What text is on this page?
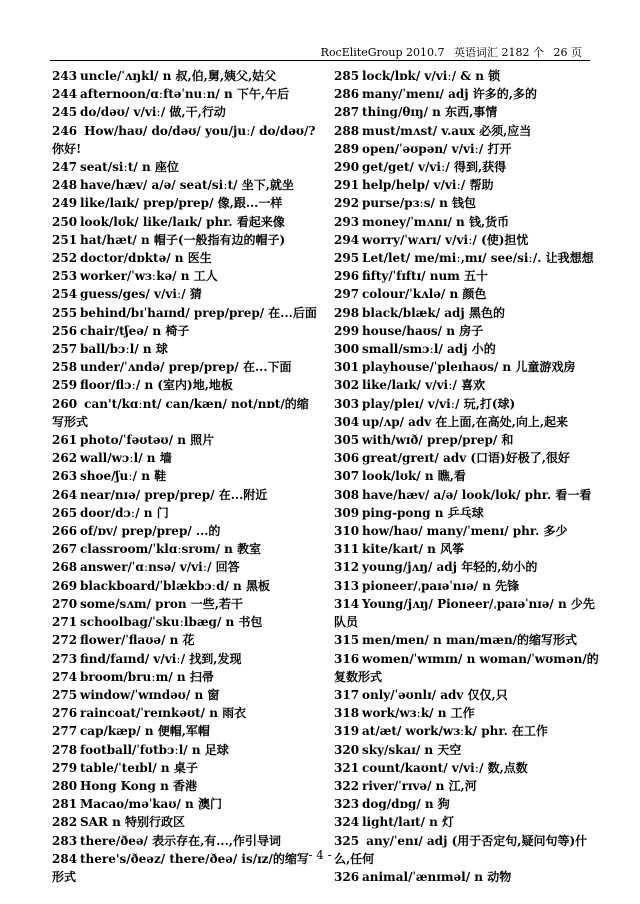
RocEliteGroup 2010.7 英语词汇 2182 个 26 页
243 uncle/ˈʌŋkl/ n 叔,伯,舅,姨父,姑父
244 afternoon/ɑːftəˈnuːn/ n 下午,午后
245 do/dəʊ/ v/viː/ 做,干,行动
246 How/haʊ/ do/dəʊ/ you/juː/ do/dəʊ/? 你好!
247 seat/siːt/ n 座位
248 have/hæv/ a/ə/ seat/siːt/ 坐下,就坐
249 like/laɪk/ prep/prep/ 像,跟...一样
250 look/lʊk/ like/laɪk/ phr. 看起来像
251 hat/hæt/ n 帽子(一般指有边的帽子)
252 doctor/dɒktə/ n 医生
253 worker/ˈwɜːkə/ n 工人
254 guess/ges/ v/viː/ 猜
255 behind/bɪˈhaɪnd/ prep/prep/ 在...后面
256 chair/tʃeə/ n 椅子
257 ball/bɔːl/ n 球
258 under/ˈʌndə/ prep/prep/ 在...下面
259 floor/flɔː/ n (室内)地,地板
260 can't/kɑːnt/ can/kæn/ not/nɒt/的缩写形式
261 photo/ˈfəʊtəʊ/ n 照片
262 wall/wɔːl/ n 墙
263 shoe/ʃuː/ n 鞋
264 near/nɪə/ prep/prep/ 在...附近
265 door/dɔː/ n 门
266 of/ɒv/ prep/prep/ ...的
267 classroom/ˈklɑːsrʊm/ n 教室
268 answer/ˈɑːnsə/ v/viː/ 回答
269 blackboard/ˈblækbɔːd/ n 黑板
270 some/sʌm/ pron 一些,若干
271 schoolbag/ˈskuːlbæg/ n 书包
272 flower/ˈflaʊə/ n 花
273 find/faɪnd/ v/viː/ 找到,发现
274 broom/bruːm/ n 扫帚
275 window/ˈwɪndəʊ/ n 窗
276 raincoat/ˈreɪnkəʊt/ n 雨衣
277 cap/kæp/ n 便帽,军帽
278 football/ˈfʊtbɔːl/ n 足球
279 table/ˈteɪbl/ n 桌子
280 Hong Kong n 香港
281 Macao/məˈkaʊ/ n 澳门
282 SAR n 特别行政区
283 there/ðeə/ 表示存在,有...,作引导词
284 there's/ðeəz/ there/ðeə/ is/ɪz/的缩写形式
285 lock/lɒk/ v/viː/ & n 锁
286 many/ˈmenɪ/ adj 许多的,多的
287 thing/θɪŋ/ n 东西,事情
288 must/mʌst/ v.aux 必须,应当
289 open/ˈəʊpən/ v/viː/ 打开
290 get/get/ v/viː/ 得到,获得
291 help/help/ v/viː/ 帮助
292 purse/pɜːs/ n 钱包
293 money/ˈmʌnɪ/ n 钱,货币
294 worry/ˈwʌrɪ/ v/viː/ (使)担忧
295 Let/let/ me/miː,mɪ/ see/siː/. 让我想想
296 fifty/ˈfɪftɪ/ num 五十
297 colour/ˈkʌlə/ n 颜色
298 black/blæk/ adj 黑色的
299 house/haʊs/ n 房子
300 small/smɔːl/ adj 小的
301 playhouse/ˈpleɪhaʊs/ n 儿童游戏房
302 like/laɪk/ v/viː/ 喜欢
303 play/pleɪ/ v/viː/ 玩,打(球)
304 up/ʌp/ adv 在上面,在高处,向上,起来
305 with/wɪð/ prep/prep/ 和
306 great/greɪt/ adv (口语)好极了,很好
307 look/lʊk/ n 瞧,看
308 have/hæv/ a/ə/ look/lʊk/ phr. 看一看
309 ping-pong n 乒乓球
310 how/haʊ/ many/ˈmenɪ/ phr. 多少
311 kite/kaɪt/ n 风筝
312 young/jʌŋ/ adj 年轻的,幼小的
313 pioneer/ˌpaɪəˈnɪə/ n 先锋
314 Young/jʌŋ/ Pioneer/ˌpaɪəˈnɪə/ n 少先队员
315 men/men/ n man/mæn/的缩写形式
316 women/ˈwɪmɪn/ n woman/ˈwʊmən/的复数形式
317 only/ˈəʊnlɪ/ adv 仅仅,只
318 work/wɜːk/ n 工作
319 at/æt/ work/wɜːk/ phr. 在工作
320 sky/skaɪ/ n 天空
321 count/kaʊnt/ v/viː/ 数,点数
322 river/ˈrɪvə/ n 江,河
323 dog/dɒg/ n 狗
324 light/laɪt/ n 灯
325 any/ˈenɪ/ adj (用于否定句,疑问句等)什么,任何
326 animal/ˈænɪməl/ n 动物
- 4 -
